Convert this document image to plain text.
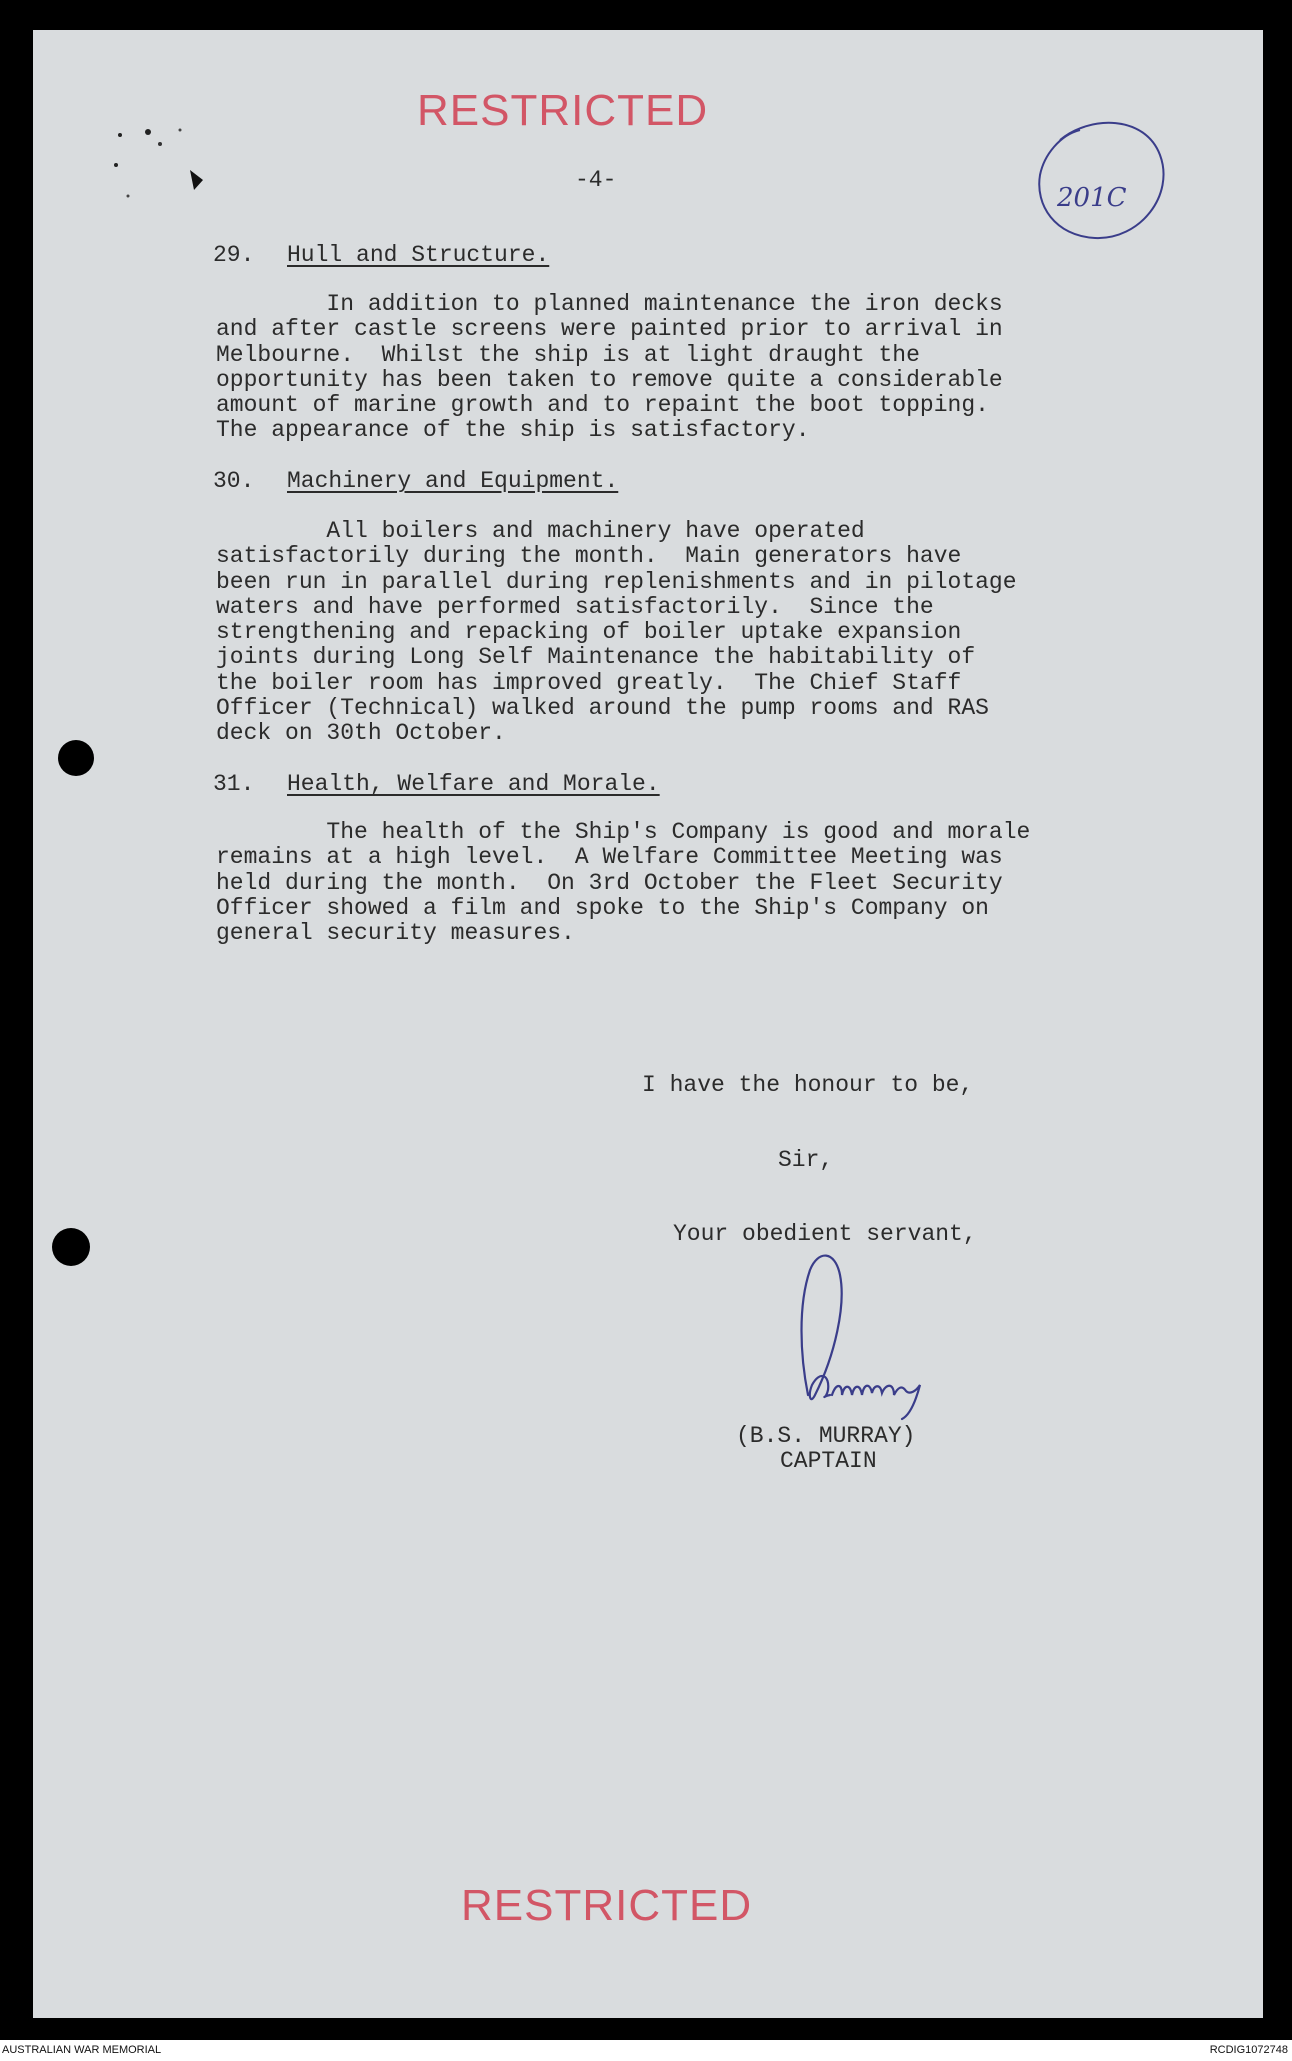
RESTRICTED
-4-
201C
29. Hull and Structure.
In addition to planned maintenance the iron decks
and after castle screens were painted prior to arrival in
Melbourne.  Whilst the ship is at light draught the
opportunity has been taken to remove quite a considerable
amount of marine growth and to repaint the boot topping.
The appearance of the ship is satisfactory.
30. Machinery and Equipment.
All boilers and machinery have operated
satisfactorily during the month.  Main generators have
been run in parallel during replenishments and in pilotage
waters and have performed satisfactorily.  Since the
strengthening and repacking of boiler uptake expansion
joints during Long Self Maintenance the habitability of
the boiler room has improved greatly.  The Chief Staff
Officer (Technical) walked around the pump rooms and RAS
deck on 30th October.
31. Health, Welfare and Morale.
The health of the Ship's Company is good and morale
remains at a high level.  A Welfare Committee Meeting was
held during the month.  On 3rd October the Fleet Security
Officer showed a film and spoke to the Ship's Company on
general security measures.
I have the honour to be,
Sir,
Your obedient servant,
(B.S. MURRAY)
CAPTAIN
RESTRICTED
AUSTRALIAN WAR MEMORIAL	RCDIG1072748
